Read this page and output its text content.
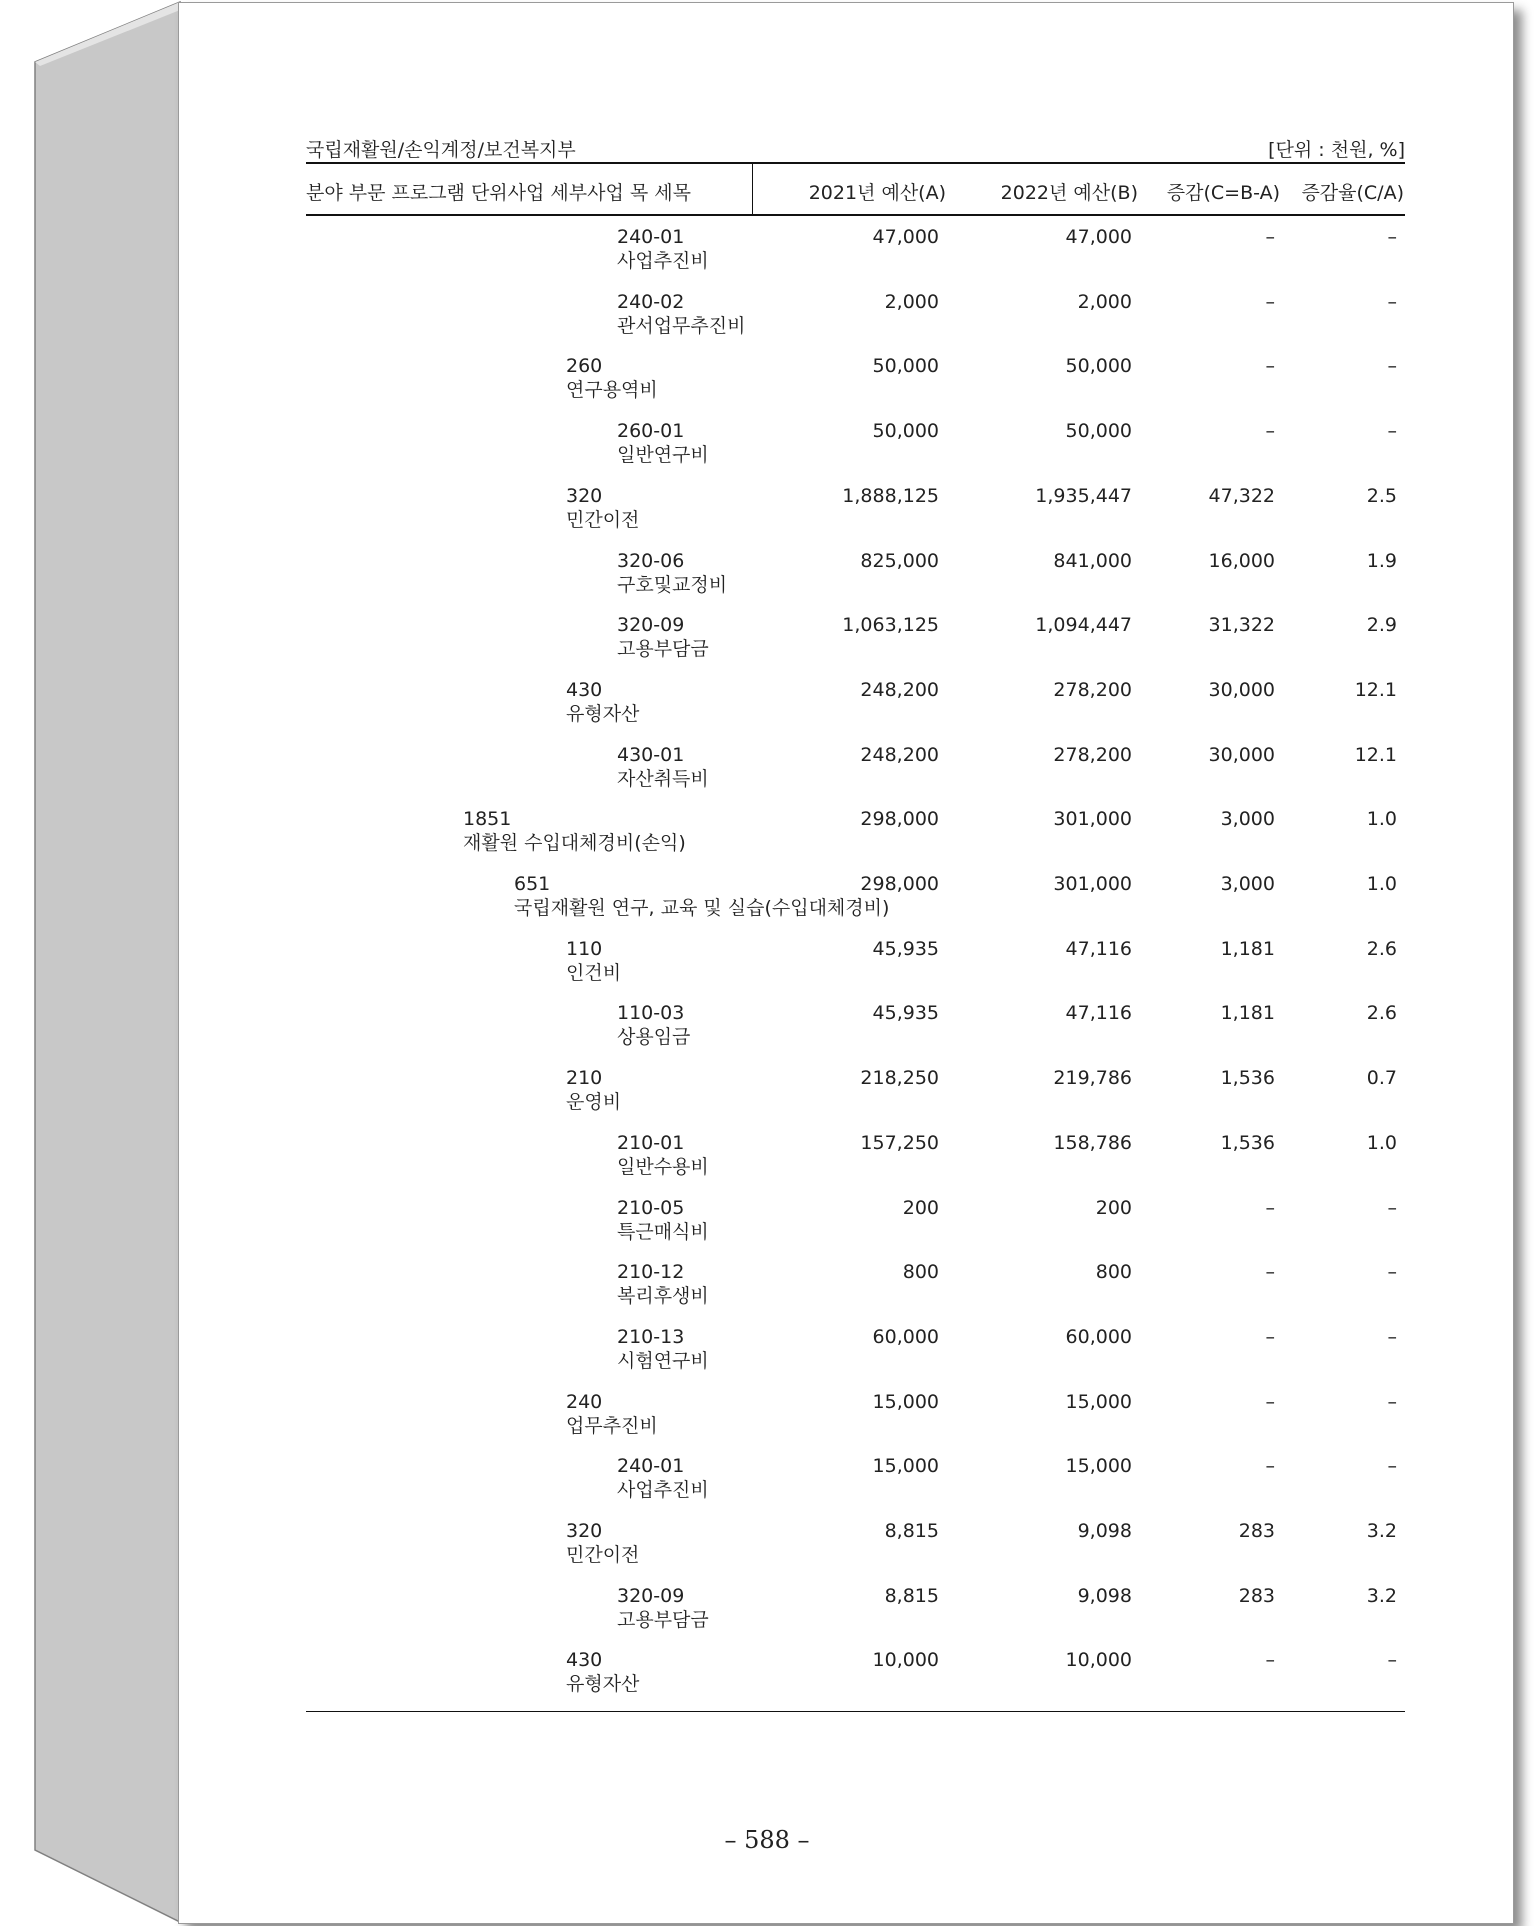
국립재활원/손익계정/보건복지부	[단위 : 천원, %]
분야 부문 프로그램 단위사업 세부사업 목 세목	2021년 예산(A)	2022년 예산(B) 증감(C=B-A) 증감율(C/A)
240-01
사업추진비
47,000	47,000	–	–
240-02
관서업무추진비
2,000	2,000	–	–
260
연구용역비
50,000	50,000	–	–
260-01
일반연구비
50,000	50,000	–	–
320
민간이전
1,888,125	1,935,447	47,322	2.5
320-06
구호및교정비
825,000	841,000	16,000	1.9
320-09
고용부담금
1,063,125	1,094,447	31,322	2.9
430
유형자산
248,200	278,200	30,000	12.1
430-01
자산취득비
248,200	278,200	30,000	12.1
1851
재활원 수입대체경비(손익)
298,000	301,000	3,000	1.0
651
국립재활원 연구, 교육 및 실습(수입대체경비)
298,000	301,000	3,000	1.0
110
인건비
45,935	47,116	1,181	2.6
110-03
상용임금
45,935	47,116	1,181	2.6
210
운영비
218,250	219,786	1,536	0.7
210-01
일반수용비
157,250	158,786	1,536	1.0
210-05
특근매식비
200	200	–	–
210-12
복리후생비
800	800	–	–
210-13
시험연구비
60,000	60,000	–	–
240
업무추진비
15,000	15,000	–	–
240-01
사업추진비
15,000	15,000	–	–
320
민간이전
8,815	9,098	283	3.2
320-09
고용부담금
8,815	9,098	283	3.2
430
유형자산
10,000	10,000	–	–
– 588 –
